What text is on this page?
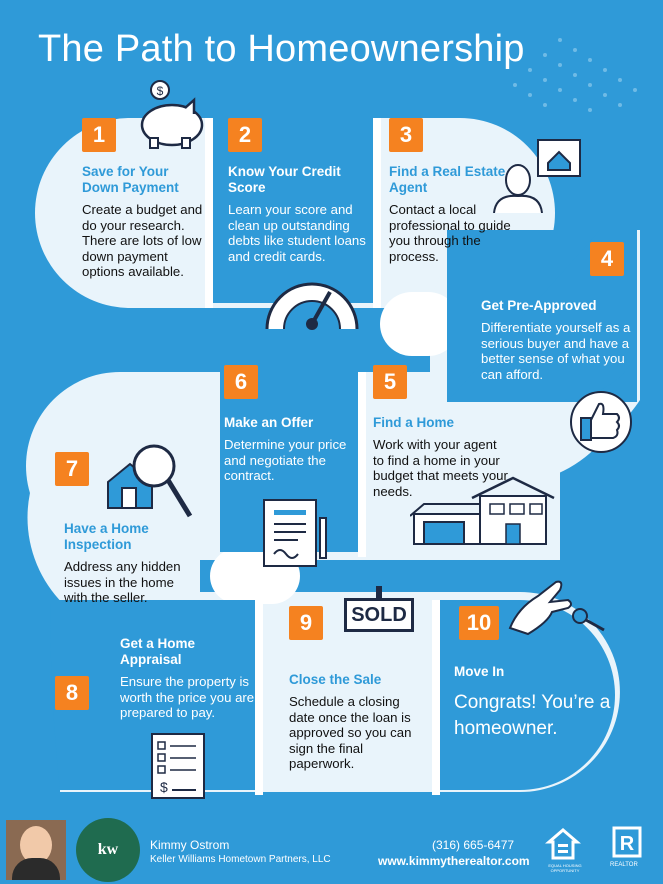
The Path to Homeownership
1
Save for Your Down Payment
Create a budget and do your research. There are lots of low down payment options available.
$
2
Know Your Credit Score
Learn your score and clean up outstanding debts like student loans and credit cards.
3
Find a Real Estate Agent
Contact a local professional to guide you through the process.	4
Get Pre-Approved
Differentiate yourself as a serious buyer and have a better sense of what you can afford.
5
Find a Home
Work with your agent to find a home in your budget that meets your needs.
6
Make an Offer
Determine your price and negotiate the contract.
7
Have a Home Inspection
Address any hidden issues in the home with the seller.
Get a Home Appraisal
Ensure the property is worth the price you are prepared to pay.
8
$
9	SOLD
Close the Sale
Schedule a closing date once the loan is approved so you can sign the final paperwork.
10
Move In
Congrats! You’re a homeowner.
kw	Kimmy Ostrom
Keller Williams Hometown Partners, LLC
(316) 665-6477
www.kimmytherealtor.com	EQUAL HOUSING OPPORTUNITY
R
REALTOR
